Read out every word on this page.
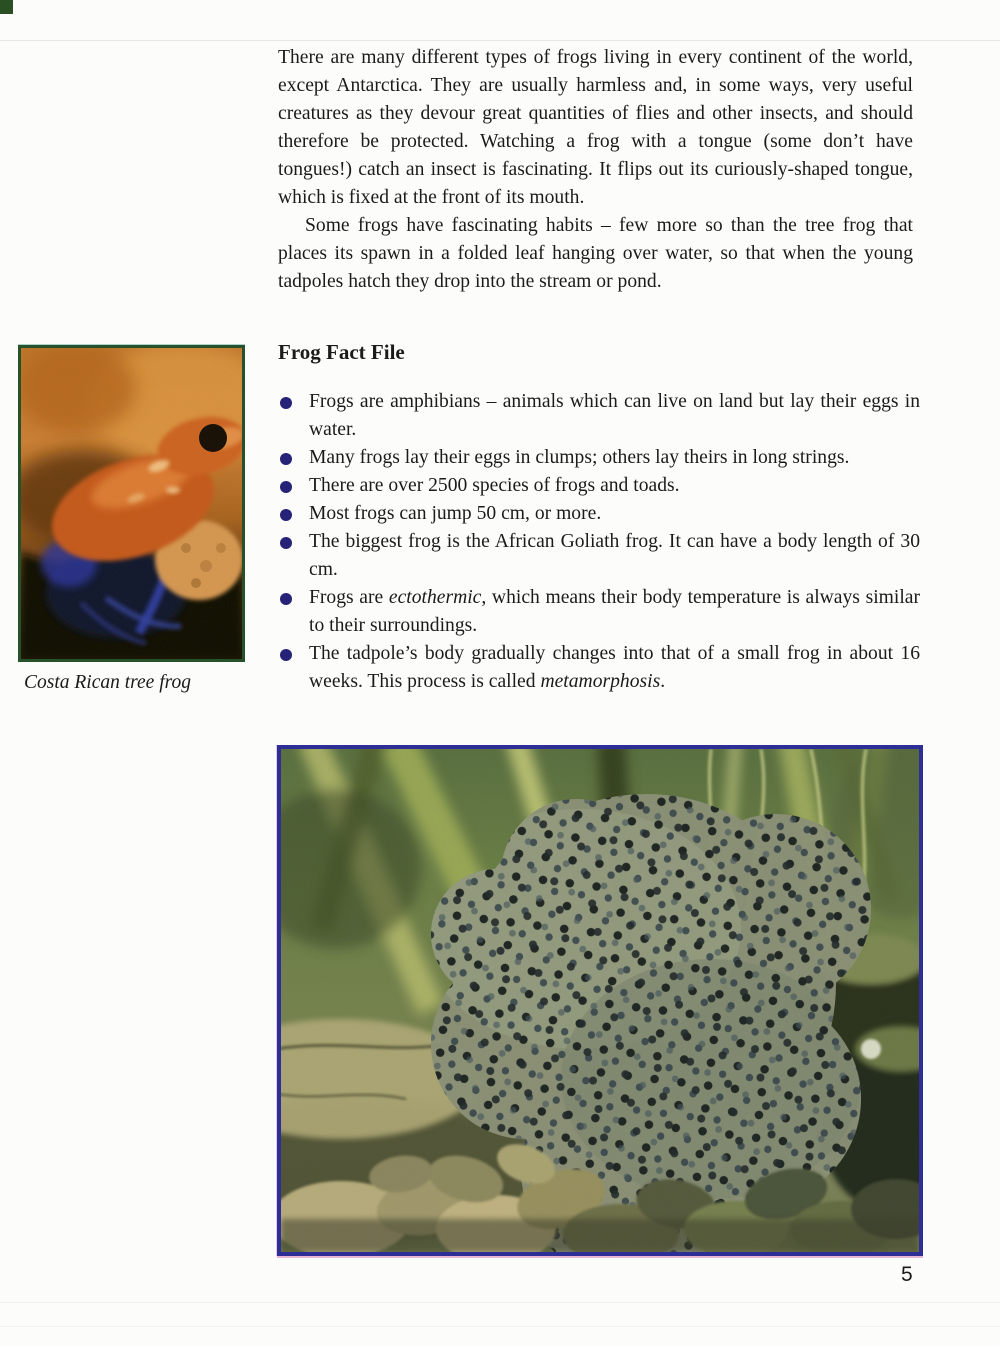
There are many different types of frogs living in every continent of the world, except Antarctica. They are usually harmless and, in some ways, very useful creatures as they devour great quantities of flies and other insects, and should therefore be protected. Watching a frog with a tongue (some don’t have tongues!) catch an insect is fascinating. It flips out its curiously-shaped tongue, which is fixed at the front of its mouth.

Some frogs have fascinating habits – few more so than the tree frog that places its spawn in a folded leaf hanging over water, so that when the young tadpoles hatch they drop into the stream or pond.

Costa Rican tree frog
Frog Fact File
Frogs are amphibians – animals which can live on land but lay their eggs in water.
Many frogs lay their eggs in clumps; others lay theirs in long strings.
There are over 2500 species of frogs and toads.
Most frogs can jump 50 cm, or more.
The biggest frog is the African Goliath frog. It can have a body length of 30 cm.
Frogs are ectothermic, which means their body temperature is always similar to their surroundings.
The tadpole’s body gradually changes into that of a small frog in about 16 weeks. This process is called metamorphosis.
5
